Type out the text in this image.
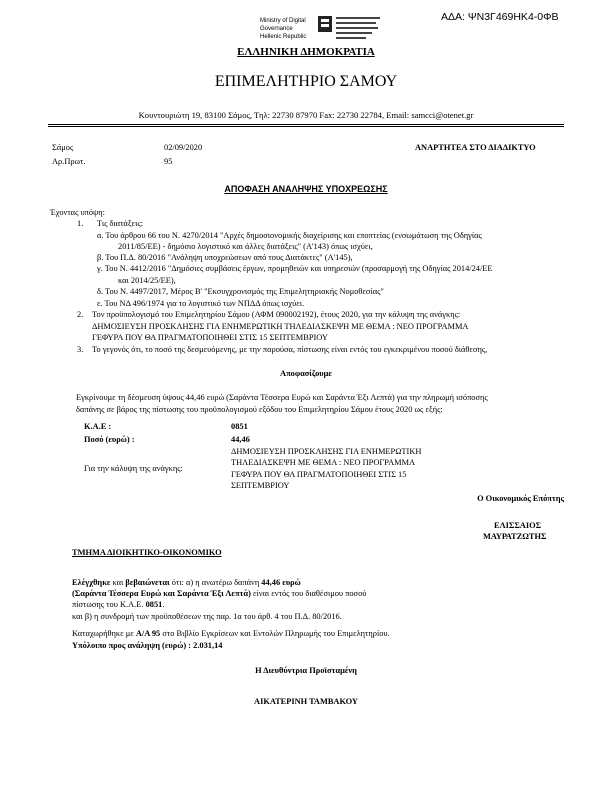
ΑΔΑ: ΨΝ3Γ469ΗΚ4-0ΦΒ
Ministry of Digital
Governance
Hellenic Republic
ΕΛΛΗΝΙΚΗ ΔΗΜΟΚΡΑΤΙΑ
ΕΠΙΜΕΛΗΤΗΡΙΟ ΣΑΜΟΥ
Κουντουριώτη 19, 83100 Σάμος, Τηλ: 22730 87970 Fax: 22730 22784, Email: samcci@otenet.gr
Σάμος	02/09/2020	ΑΝΑΡΤΗΤΕΑ ΣΤΟ ΔΙΑΔΙΚΤΥΟ
Αρ.Πρωτ.	95
ΑΠΟΦΑΣΗ ΑΝΑΛΗΨΗΣ ΥΠΟΧΡΕΩΣΗΣ
Έχοντας υπόψη:
1. Τις διατάξεις:
α. Του άρθρου 66 του Ν. 4270/2014 "Αρχές δημοσιονομικής διαχείρισης και εποπτείας (ενσωμάτωση της Οδηγίας
2011/85/ΕΕ) - δημόσιο λογιστικό και άλλες διατάξεις" (Α'143) όπως ισχύει,
β. Του Π.Δ. 80/2016 "Ανάληψη υποχρεώσεων από τους Διατάκτες" (Α'145),
γ. Του Ν. 4412/2016 "Δημόσιες συμβάσεις έργων, προμηθειών και υπηρεσιών (προσαρμογή της Οδηγίας 2014/24/ΕΕ
και 2014/25/ΕΕ),
δ. Του Ν. 4497/2017, Μέρος Β' "Εκσυγχρονισμός της Επιμελητηριακής Νομοθεσίας"
ε. Του ΝΔ 496/1974 για το λογιστικό των ΝΠΔΔ όπως ισχύει.
2. Τον προϋπολογισμό του Επιμελητηρίου Σάμου (ΑΦΜ 090002192), έτους 2020, για την κάλυψη της ανάγκης:
ΔΗΜΟΣΙΕΥΣΗ ΠΡΟΣΚΛΗΣΗΣ ΓΙΑ ΕΝΗΜΕΡΩΤΙΚΗ ΤΗΛΕΔΙΑΣΚΕΨΗ ΜΕ ΘΕΜΑ : ΝΕΟ ΠΡΟΓΡΑΜΜΑ
ΓΕΦΥΡΑ ΠΟΥ ΘΑ ΠΡΑΓΜΑΤΟΠΟΙΗΘΕΙ ΣΤΙΣ 15 ΣΕΠΤΕΜΒΡΙΟΥ
3. Το γεγονός ότι, το ποσό της δεσμευόμενης, με την παρούσα, πίστωσης είναι εντός του εγκεκριμένου ποσού διάθεσης,
Αποφασίζουμε
Εγκρίνουμε τη δέσμευση ύψους 44,46 ευρώ (Σαράντα Τέσσερα Ευρώ και Σαράντα Έξι Λεπτά) για την πληρωμή ισόποσης
δαπάνης σε βάρος της πίστωσης του προϋπολογισμού εξόδου του Επιμελητηρίου Σάμου έτους 2020 ως εξής:
Κ.Α.Ε :	0851
Ποσό (ευρώ) :	44,46
Για την κάλυψη της ανάγκης:
ΔΗΜΟΣΙΕΥΣΗ ΠΡΟΣΚΛΗΣΗΣ ΓΙΑ ΕΝΗΜΕΡΩΤΙΚΗ
ΤΗΛΕΔΙΑΣΚΕΨΗ ΜΕ ΘΕΜΑ : ΝΕΟ ΠΡΟΓΡΑΜΜΑ
ΓΕΦΥΡΑ ΠΟΥ ΘΑ ΠΡΑΓΜΑΤΟΠΟΙΗΘΕΙ ΣΤΙΣ 15
ΣΕΠΤΕΜΒΡΙΟΥ
Ο Οικονομικός Επόπτης
ΕΛΙΣΣΑΙΟΣ
ΜΑΥΡΑΤΖΩΤΗΣ
ΤΜΗΜΑ ΔΙΟΙΚΗΤΙΚΟ-ΟΙΚΟΝΟΜΙΚΟ
Ελέγχθηκε και βεβαιώνεται ότι: α) η ανωτέρω δαπάνη 44,46 ευρώ
(Σαράντα Τέσσερα Ευρώ και Σαράντα Έξι Λεπτά) είναι εντός του διαθέσιμου ποσού
πίστωσης του Κ.Α.Ε. 0851.
και β) η συνδρομή των προϋποθέσεων της παρ. 1α του άρθ. 4 του Π.Δ. 80/2016.
Καταχωρήθηκε με Α/Α 95 στο Βιβλίο Εγκρίσεων και Εντολών Πληρωμής του Επιμελητηρίου.
Υπόλοιπο προς ανάληψη (ευρώ) : 2.031,14
Η Διευθύντρια Προϊσταμένη
ΑΙΚΑΤΕΡΙΝΗ ΤΑΜΒΑΚΟΥ
